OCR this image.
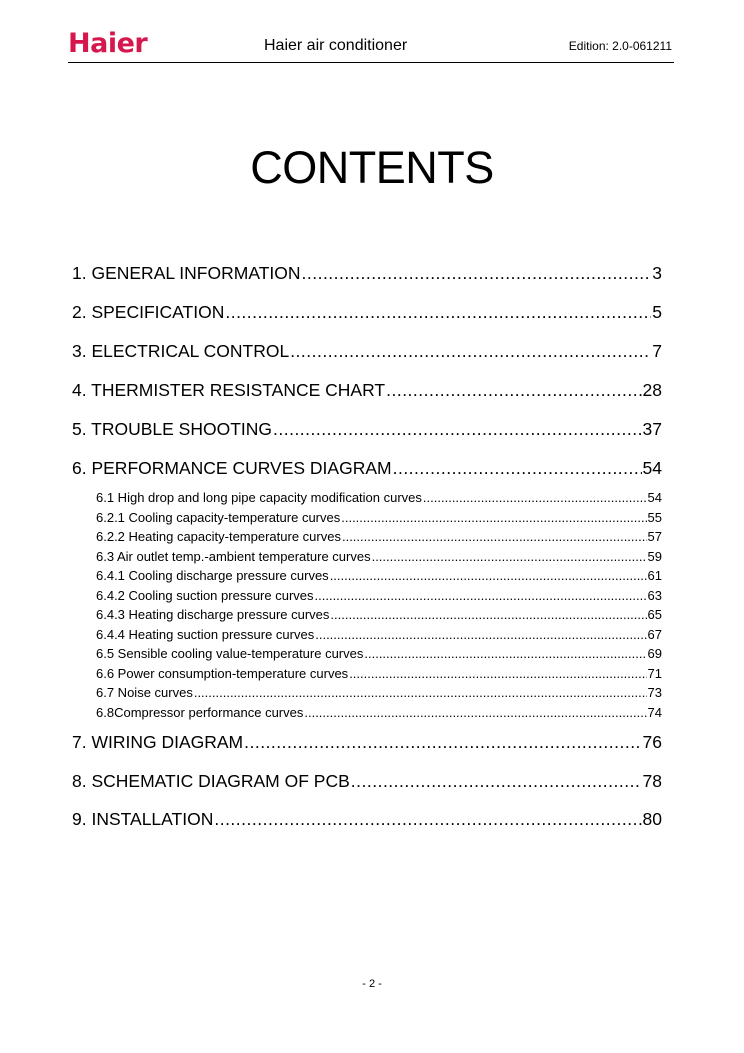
Haier	Haier air conditioner	Edition: 2.0-061211
CONTENTS
1. GENERAL INFORMATION .....	3
2. SPECIFICATION .....	5
3. ELECTRICAL CONTROL .....	7
4. THERMISTER RESISTANCE CHART .....	28
5. TROUBLE SHOOTING .....	37
6. PERFORMANCE CURVES DIAGRAM .....	54
6.1 High drop and long pipe capacity modification curves .....	54
6.2.1 Cooling capacity-temperature curves .....	55
6.2.2 Heating capacity-temperature curves .....	57
6.3 Air outlet temp.-ambient temperature curves .....	59
6.4.1 Cooling discharge pressure curves .....	61
6.4.2 Cooling suction pressure curves .....	63
6.4.3 Heating discharge pressure curves .....	65
6.4.4 Heating suction pressure curves .....	67
6.5 Sensible cooling value-temperature curves .....	69
6.6 Power consumption-temperature curves .....	71
6.7 Noise curves .....	73
6.8Compressor performance curves .....	74
7. WIRING DIAGRAM .....	76
8. SCHEMATIC DIAGRAM OF PCB .....	78
9. INSTALLATION .....	80
- 2 -
